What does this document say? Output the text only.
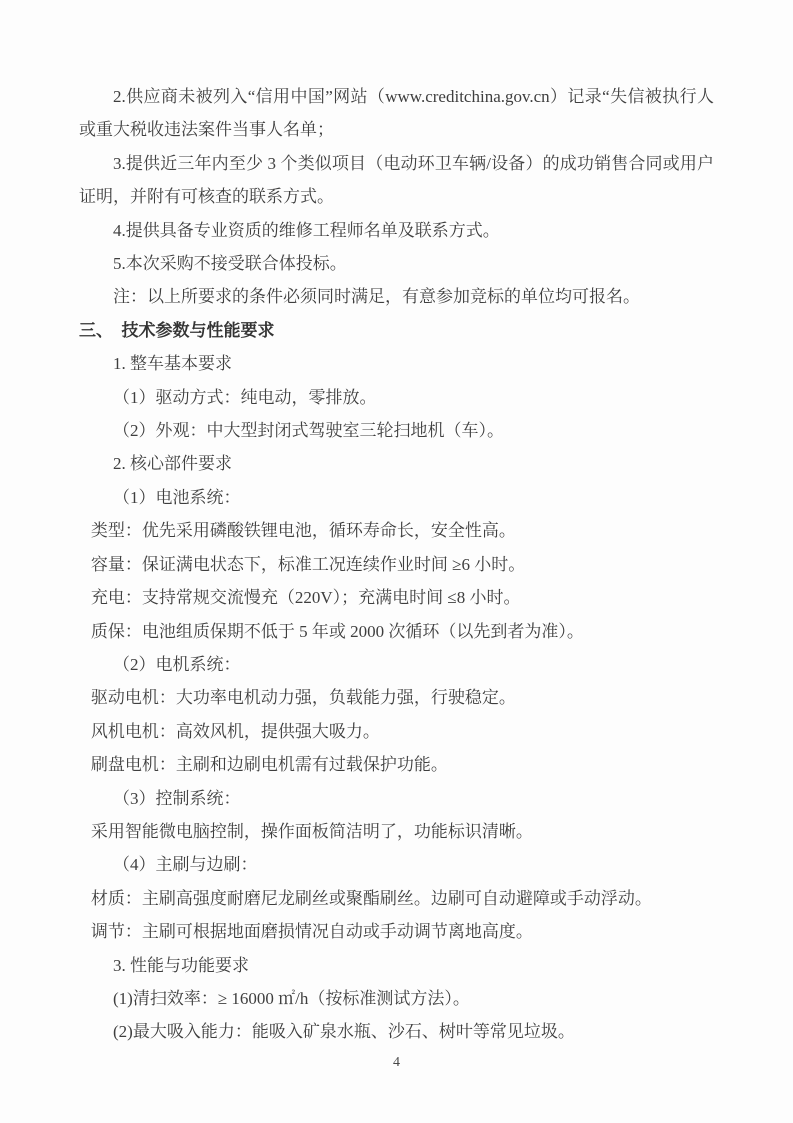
2.供应商未被列入“信用中国”网站（www.creditchina.gov.cn）记录“失信被执行人或重大税收违法案件当事人名单；

3.提供近三年内至少 3 个类似项目（电动环卫车辆/设备）的成功销售合同或用户证明，并附有可核查的联系方式。

4.提供具备专业资质的维修工程师名单及联系方式。

5.本次采购不接受联合体投标。

注：以上所要求的条件必须同时满足，有意参加竞标的单位均可报名。

三、　技术参数与性能要求

1. 整车基本要求

（1）驱动方式：纯电动，零排放。

（2）外观：中大型封闭式驾驶室三轮扫地机（车）。

2. 核心部件要求

（1）电池系统：

类型：优先采用磷酸铁锂电池，循环寿命长，安全性高。

容量：保证满电状态下，标准工况连续作业时间 ≥6 小时。

充电：支持常规交流慢充（220V）；充满电时间 ≤8 小时。

质保：电池组质保期不低于 5 年或 2000 次循环（以先到者为准）。

（2）电机系统：

驱动电机：大功率电机动力强，负载能力强，行驶稳定。

风机电机：高效风机，提供强大吸力。

刷盘电机：主刷和边刷电机需有过载保护功能。

（3）控制系统：

采用智能微电脑控制，操作面板简洁明了，功能标识清晰。

（4）主刷与边刷：

材质：主刷高强度耐磨尼龙刷丝或聚酯刷丝。边刷可自动避障或手动浮动。

调节：主刷可根据地面磨损情况自动或手动调节离地高度。

3. 性能与功能要求

(1)清扫效率：≥ 16000 ㎡/h（按标准测试方法）。

(2)最大吸入能力：能吸入矿泉水瓶、沙石、树叶等常见垃圾。

4
